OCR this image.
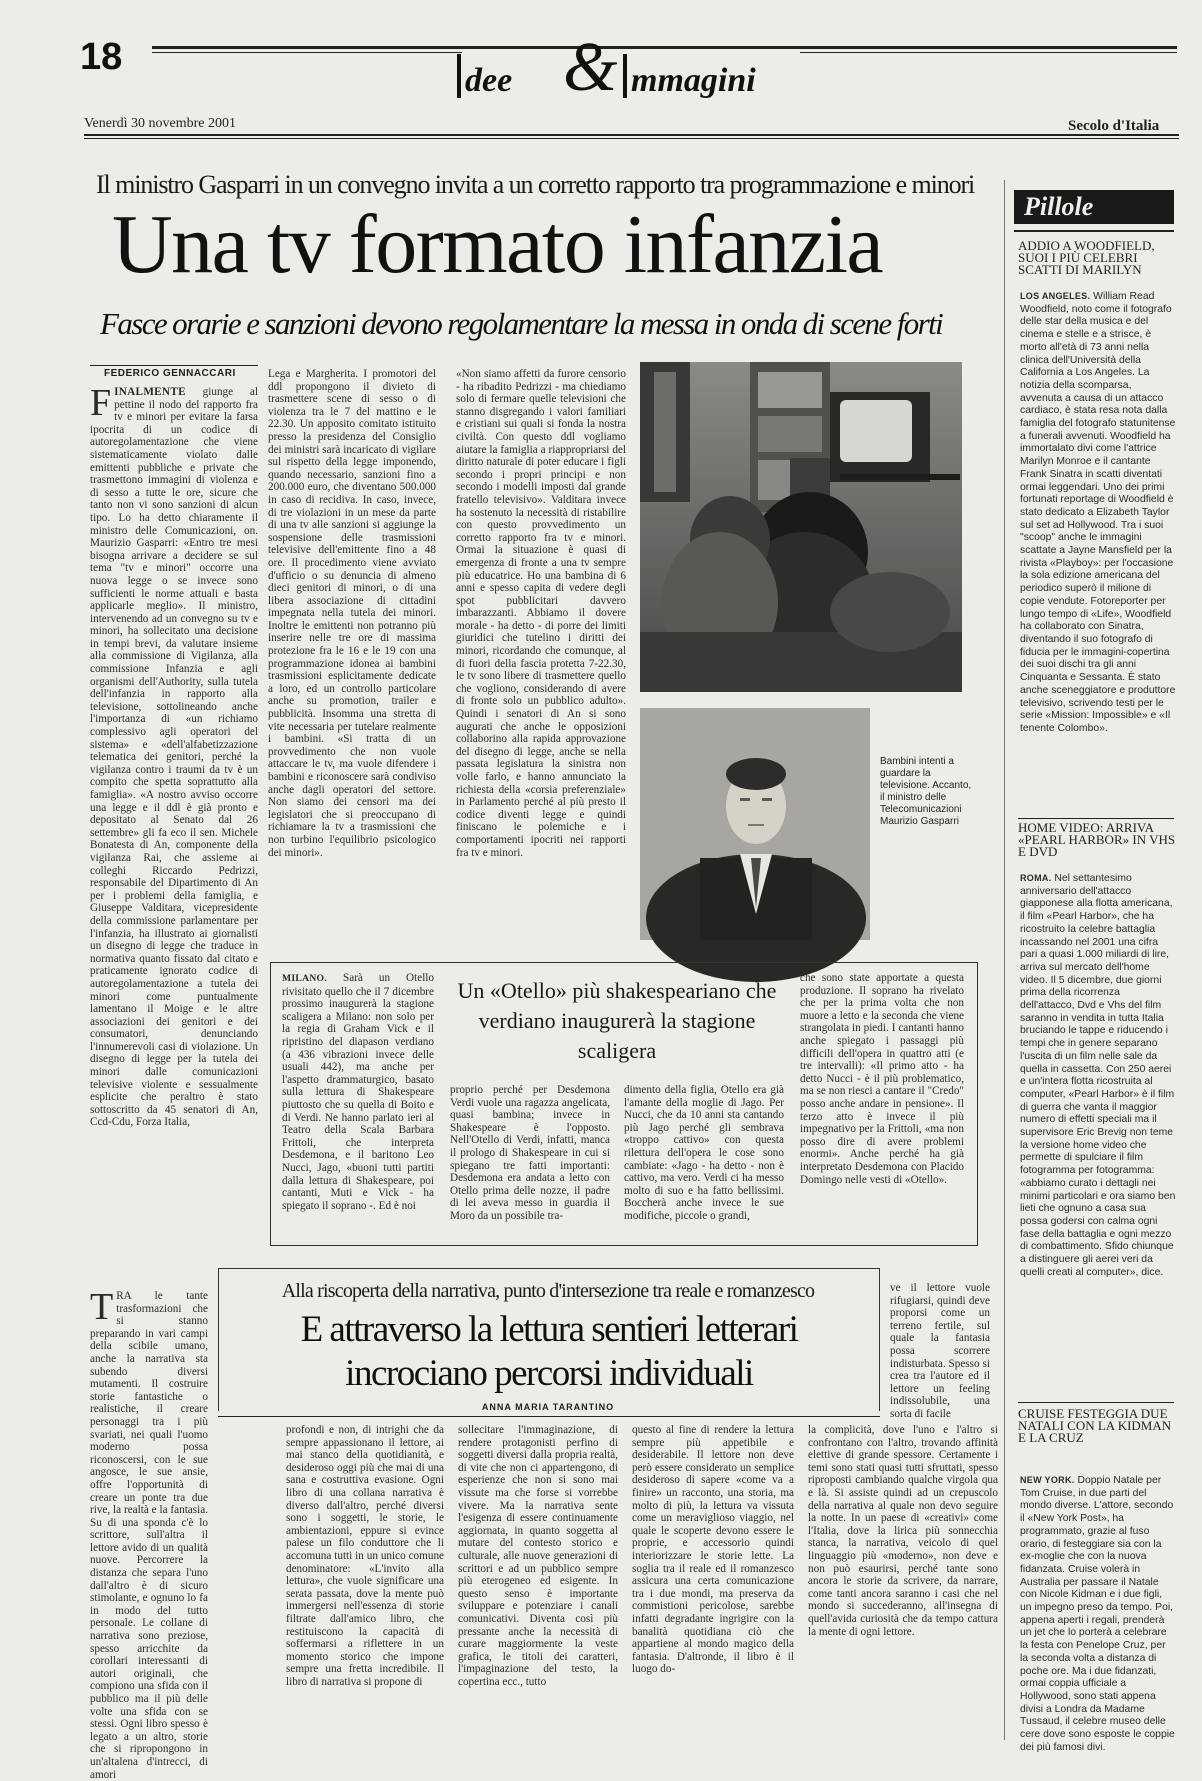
18
dee & mmagini
Venerdì 30 novembre 2001	Secolo d'Italia
Il ministro Gasparri in un convegno invita a un corretto rapporto tra programmazione e minori
Una tv formato infanzia
Fasce orarie e sanzioni devono regolamentare la messa in onda di scene forti
FEDERICO GENNACCARI

FINALMENTE giunge al pettine il nodo del rapporto fra tv e minori per evitare la farsa ipocrita di un codice di autoregolamentazione che viene sistematicamente violato dalle emittenti pubbliche e private che trasmettono immagini di violenza e di sesso a tutte le ore, sicure che tanto non vi sono sanzioni di alcun tipo. Lo ha detto chiaramente il ministro delle Comunicazioni, on. Maurizio Gasparri: «Entro tre mesi bisogna arrivare a decidere se sul tema "tv e minori" occorre una nuova legge o se invece sono sufficienti le norme attuali e basta applicarle meglio». Il ministro, intervenendo ad un convegno su tv e minori, ha sollecitato una decisione in tempi brevi, da valutare insieme alla commissione di Vigilanza, alla commissione Infanzia e agli organismi dell'Authority, sulla tutela dell'infanzia in rapporto alla televisione, sottolineando anche l'importanza di «un richiamo complessivo agli operatori del sistema» e «dell'alfabetizzazione telematica dei genitori, perché la vigilanza contro i traumi da tv è un compito che spetta soprattutto alla famiglia». «A nostro avviso occorre una legge e il ddl è già pronto e depositato al Senato dal 26 settembre» gli fa eco il sen. Michele Bonatesta di An, componente della vigilanza Rai, che assieme ai colleghi Riccardo Pedrizzi, responsabile del Dipartimento di An per i problemi della famiglia, e Giuseppe Valditara, vicepresidente della commissione parlamentare per l'infanzia, ha illustrato ai giornalisti un disegno di legge che traduce in normativa quanto fissato dal citato e praticamente ignorato codice di autoregolamentazione a tutela dei minori come puntualmente lamentano il Moige e le altre associazioni dei genitori e dei consumatori, denunciando l'innumerevoli casi di violazione. Un disegno di legge per la tutela dei minori dalle comunicazioni televisive violente e sessualmente esplicite che peraltro è stato sottoscritto da 45 senatori di An, Ccd-Cdu, Forza Italia,

Lega e Margherita. I promotori del ddl propongono il divieto di trasmettere scene di sesso o di violenza tra le 7 del mattino e le 22.30. Un apposito comitato istituito presso la presidenza del Consiglio dei ministri sarà incaricato di vigilare sul rispetto della legge imponendo, quando necessario, sanzioni fino a 200.000 euro, che diventano 500.000 in caso di recidiva. In caso, invece, di tre violazioni in un mese da parte di una tv alle sanzioni si aggiunge la sospensione delle trasmissioni televisive dell'emittente fino a 48 ore. Il procedimento viene avviato d'ufficio o su denuncia di almeno dieci genitori di minori, o di una libera associazione di cittadini impegnata nella tutela dei minori. Inoltre le emittenti non potranno più inserire nelle tre ore di massima protezione fra le 16 e le 19 con una programmazione idonea ai bambini trasmissioni esplicitamente dedicate a loro, ed un controllo particolare anche su promotion, trailer e pubblicità. Insomma una stretta di vite necessaria per tutelare realmente i bambini. «Si tratta di un provvedimento che non vuole attaccare le tv, ma vuole difendere i bambini e riconoscere sarà condiviso anche dagli operatori del settore. Non siamo dei censori ma dei legislatori che si preoccupano di richiamare la tv a trasmissioni che non turbino l'equilibrio psicologico dei minori».

«Non siamo affetti da furore censorio - ha ribadito Pedrizzi - ma chiediamo solo di fermare quelle televisioni che stanno disgregando i valori familiari e cristiani sui quali si fonda la nostra civiltà. Con questo ddl vogliamo aiutare la famiglia a riappropriarsi del diritto naturale di poter educare i figli secondo i propri principi e non secondo i modelli imposti dal grande fratello televisivo». Valditara invece ha sostenuto la necessità di ristabilire con questo provvedimento un corretto rapporto fra tv e minori. Ormai la situazione è quasi di emergenza di fronte a una tv sempre più educatrice. Ho una bambina di 6 anni e spesso capita di vedere degli spot pubblicitari davvero imbarazzanti. Abbiamo il dovere morale - ha detto - di porre dei limiti giuridici che tutelino i diritti dei minori, ricordando che comunque, al di fuori della fascia protetta 7-22.30, le tv sono libere di trasmettere quello che vogliono, considerando di avere di fronte solo un pubblico adulto». Quindi i senatori di An si sono augurati che anche le opposizioni collaborino alla rapida approvazione del disegno di legge, anche se nella passata legislatura la sinistra non volle farlo, e hanno annunciato la richiesta della «corsia preferenziale» in Parlamento perché al più presto il codice diventi legge e quindi finiscano le polemiche e i comportamenti ipocriti nei rapporti fra tv e minori.

Bambini intenti a guardare la televisione. Accanto, il ministro delle Telecomunicazioni Maurizio Gasparri

MILANO. Sarà un Otello rivisitato quello che il 7 dicembre prossimo inaugurerà la stagione scaligera a Milano: non solo per la regia di Graham Vick e il ripristino del diapason verdiano (a 436 vibrazioni invece delle usuali 442), ma anche per l'aspetto drammaturgico, basato sulla lettura di Shakespeare piuttosto che su quella di Boito e di Verdi. Ne hanno parlato ieri al Teatro della Scala Barbara Frittoli, che interpreta Desdemona, e il baritono Leo Nucci, Jago, «buoni tutti partiti dalla lettura di Shakespeare, poi cantanti, Muti e Vick - ha spiegato il soprano -. Ed è noi

Un «Otello» più shakespeariano che verdiano inaugurerà la stagione scaligera

proprio perché per Desdemona Verdi vuole una ragazza angelicata, quasi bambina; invece in Shakespeare è l'opposto. Nell'Otello di Verdi, infatti, manca il prologo di Shakespeare in cui si spiegano tre fatti importanti: Desdemona era andata a letto con Otello prima delle nozze, il padre di lei aveva messo in guardia il Moro da un possibile tra-

dimento della figlia, Otello era già l'amante della moglie di Jago. Per Nucci, che da 10 anni sta cantando più Jago perché gli sembrava «troppo cattivo» con questa rilettura dell'opera le cose sono cambiate: «Jago - ha detto - non è cattivo, ma vero. Verdi ci ha messo molto di suo e ha fatto bellissimi. Boccherà anche invece le sue modifiche, piccole o grandi,

che sono state apportate a questa produzione. Il soprano ha rivelato che per la prima volta che non muore a letto e la seconda che viene strangolata in piedi. I cantanti hanno anche spiegato i passaggi più difficili dell'opera in quattro atti (e tre intervalli): «Il primo atto - ha detto Nucci - è il più problematico, ma se non riesci a cantare il "Credo" posso anche andare in pensione». Il terzo atto è invece il più impegnativo per la Frittoli, «ma non posso dire di avere problemi enormi». Anche perché ha già interpretato Desdemona con Placido Domingo nelle vesti di «Otello».

Alla riscoperta della narrativa, punto d'intersezione tra reale e romanzesco
E attraverso la lettura sentieri letterari
incrociano percorsi individuali
ANNA MARIA TARANTINO

TRA le tante trasformazioni che si stanno preparando in vari campi della scibile umano, anche la narrativa sta subendo diversi mutamenti. Il costruire storie fantastiche o realistiche, il creare personaggi tra i più svariati, nei quali l'uomo moderno possa riconoscersi, con le sue angosce, le sue ansie, offre l'opportunità di creare un ponte tra due rive, la realtà e la fantasia. Su di una sponda c'è lo scrittore, sull'altra il lettore avido di un qualità nuove. Percorrere la distanza che separa l'uno dall'altro è di sicuro stimolante, e ognuno lo fa in modo del tutto personale. Le collane di narrativa sono preziose, spesso arricchite da corollari interessanti di autori originali, che compiono una sfida con il pubblico ma il più delle volte una sfida con se stessi. Ogni libro spesso è legato a un altro, storie che si ripropongono in un'altalena d'intrecci, di amori

profondi e non, di intrighi che da sempre appassionano il lettore, ai mai stanco della quotidianità, e desideroso oggi più che mai di una sana e costruttiva evasione. Ogni libro di una collana narrativa è diverso dall'altro, perché diversi sono i soggetti, le storie, le ambientazioni, eppure si evince palese un filo conduttore che li accomuna tutti in un unico comune denominatore: «L'invito alla lettura», che vuole significare una serata passata, dove la mente può immergersi nell'essenza di storie filtrate dall'amico libro, che restituiscono la capacità di soffermarsi a riflettere in un momento storico che impone sempre una fretta incredibile. Il libro di narrativa si propone di

sollecitare l'immaginazione, di rendere protagonisti perfino di soggetti diversi dalla propria realtà, di vite che non ci appartengono, di esperienze che non si sono mai vissute ma che forse si vorrebbe vivere. Ma la narrativa sente l'esigenza di essere continuamente aggiornata, in quanto soggetta al mutare del contesto storico e culturale, alle nuove generazioni di scrittori e ad un pubblico sempre più eterogeneo ed esigente. In questo senso è importante sviluppare e potenziare i canali comunicativi. Diventa così più pressante anche la necessità di curare maggiormente la veste grafica, le titoli dei caratteri, l'impaginazione del testo, la copertina ecc., tutto

questo al fine di rendere la lettura sempre più appetibile e desiderabile. Il lettore non deve però essere considerato un semplice desideroso di sapere «come va a finire» un racconto, una storia, ma molto di più, la lettura va vissuta come un meraviglioso viaggio, nel quale le scoperte devono essere le proprie, e accessorio quindi interiorizzare le storie lette. La soglia tra il reale ed il romanzesco assicura una certa comunicazione tra i due mondi, ma preserva da commistioni pericolose, sarebbe infatti degradante ingrigire con la banalità quotidiana ciò che appartiene al mondo magico della fantasia. D'altronde, il libro è il luogo do-

ve il lettore vuole rifugiarsi, quindi deve proporsi come un terreno fertile, sul quale la fantasia possa scorrere indisturbata. Spesso si crea tra l'autore ed il lettore un feeling indissolubile, una sorta di facile

la complicità, dove l'uno e l'altro si confrontano con l'altro, trovando affinità elettive di grande spessore. Certamente i temi sono stati quasi tutti sfruttati, spesso riproposti cambiando qualche virgola qua e là. Si assiste quindi ad un crepuscolo della narrativa al quale non devo seguire la notte. In un paese di «creativi» come l'Italia, dove la lirica più sonnecchia stanca, la narrativa, veicolo di quel linguaggio più «moderno», non deve e non può esaurirsi, perché tante sono ancora le storie da scrivere, da narrare, come tanti ancora saranno i casi che nel mondo si succederanno, all'insegna di quell'avida curiosità che da tempo cattura la mente di ogni lettore.

Pillole
ADDIO A WOODFIELD, SUOI I PIÙ CELEBRI SCATTI DI MARILYN
LOS ANGELES. William Read Woodfield, noto come il fotografo delle star della musica e del cinema e stelle e a strisce, è morto all'età di 73 anni nella clinica dell'Università della California a Los Angeles. La notizia della scomparsa, avvenuta a causa di un attacco cardiaco, è stata resa nota dalla famiglia del fotografo statunitense a funerali avvenuti. Woodfield ha immortalato divi come l'attrice Marilyn Monroe e il cantante Frank Sinatra in scatti diventati ormai leggendari. Uno dei primi fortunati reportage di Woodfield è stato dedicato a Elizabeth Taylor sul set ad Hollywood. Tra i suoi "scoop" anche le immagini scattate a Jayne Mansfield per la rivista «Playboy»: per l'occasione la sola edizione americana del periodico superò il milione di copie vendute. Fotoreporter per lungo tempo di «Life», Woodfield ha collaborato con Sinatra, diventando il suo fotografo di fiducia per le immagini-copertina dei suoi dischi tra gli anni Cinquanta e Sessanta. È stato anche sceneggiatore e produttore televisivo, scrivendo testi per le serie «Mission: Impossible» e «Il tenente Colombo».
HOME VIDEO: ARRIVA «PEARL HARBOR» IN VHS E DVD
ROMA. Nel settantesimo anniversario dell'attacco giapponese alla flotta americana, il film «Pearl Harbor», che ha ricostruito la celebre battaglia incassando nel 2001 una cifra pari a quasi 1.000 miliardi di lire, arriva sul mercato dell'home video. Il 5 dicembre, due giorni prima della ricorrenza dell'attacco, Dvd e Vhs del film saranno in vendita in tutta Italia bruciando le tappe e riducendo i tempi che in genere separano l'uscita di un film nelle sale da quella in cassetta. Con 250 aerei e un'intera flotta ricostruita al computer, «Pearl Harbor» è il film di guerra che vanta il maggior numero di effetti speciali ma il supervisore Eric Brevig non teme la versione home video che permette di spulciare il film fotogramma per fotogramma: «abbiamo curato i dettagli nei minimi particolari e ora siamo ben lieti che ognuno a casa sua possa godersi con calma ogni fase della battaglia e ogni mezzo di combattimento. Sfido chiunque a distinguere gli aerei veri da quelli creati al computer», dice.
CRUISE FESTEGGIA DUE NATALI CON LA KIDMAN E LA CRUZ
NEW YORK. Doppio Natale per Tom Cruise, in due parti del mondo diverse. L'attore, secondo il «New York Post», ha programmato, grazie al fuso orario, di festeggiare sia con la ex-moglie che con la nuova fidanzata. Cruise volerà in Australia per passare il Natale con Nicole Kidman e i due figli, un impegno preso da tempo. Poi, appena aperti i regali, prenderà un jet che lo porterà a celebrare la festa con Penelope Cruz, per la seconda volta a distanza di poche ore. Ma i due fidanzati, ormai coppia ufficiale a Hollywood, sono stati appena divisi a Londra da Madame Tussaud, il celebre museo delle cere dove sono esposte le coppie dei più famosi divi.
